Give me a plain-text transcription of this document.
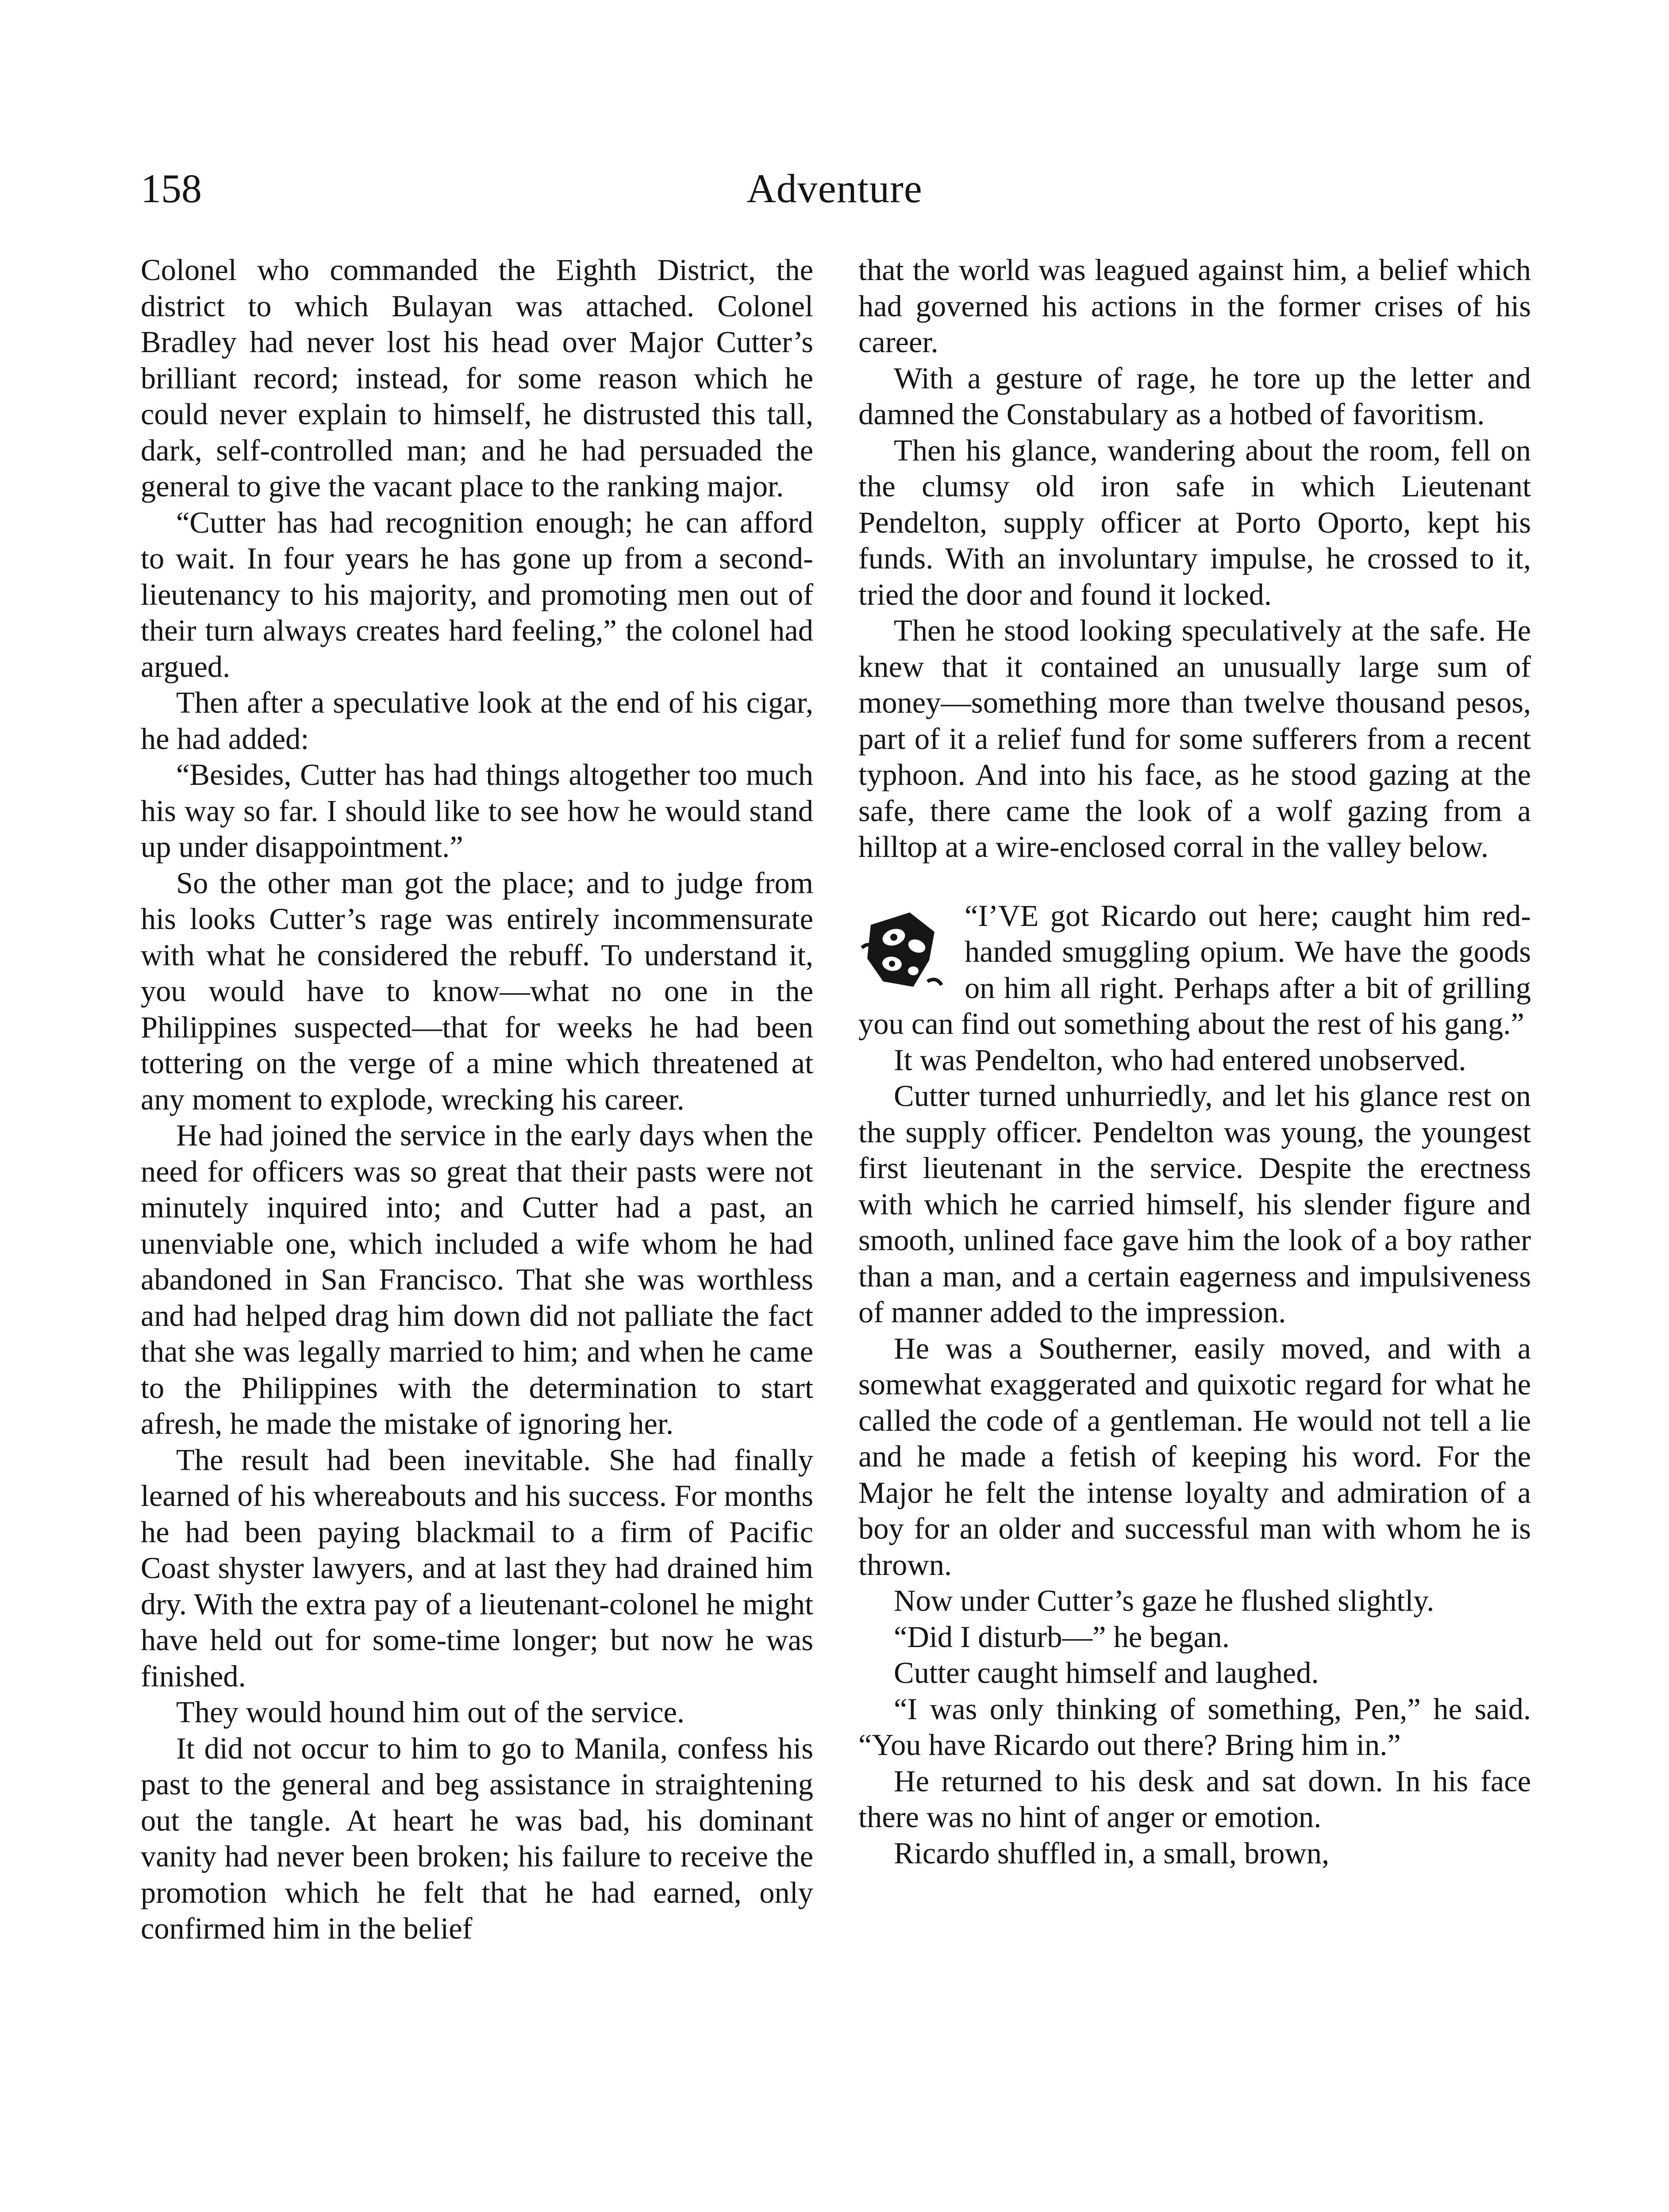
158	Adventure

Colonel who commanded the Eighth District, the district to which Bulayan was attached. Colonel Bradley had never lost his head over Major Cutter’s brilliant record; instead, for some reason which he could never explain to himself, he distrusted this tall, dark, self-controlled man; and he had persuaded the general to give the vacant place to the ranking major.

“Cutter has had recognition enough; he can afford to wait. In four years he has gone up from a second-lieutenancy to his majority, and promoting men out of their turn always creates hard feeling,” the colonel had argued.

Then after a speculative look at the end of his cigar, he had added:

“Besides, Cutter has had things altogether too much his way so far. I should like to see how he would stand up under disappointment.”

So the other man got the place; and to judge from his looks Cutter’s rage was entirely incommensurate with what he considered the rebuff. To understand it, you would have to know—what no one in the Philippines suspected—that for weeks he had been tottering on the verge of a mine which threatened at any moment to explode, wrecking his career.

He had joined the service in the early days when the need for officers was so great that their pasts were not minutely inquired into; and Cutter had a past, an unenviable one, which included a wife whom he had abandoned in San Francisco. That she was worthless and had helped drag him down did not palliate the fact that she was legally married to him; and when he came to the Philippines with the determination to start afresh, he made the mistake of ignoring her.

The result had been inevitable. She had finally learned of his whereabouts and his success. For months he had been paying blackmail to a firm of Pacific Coast shyster lawyers, and at last they had drained him dry. With the extra pay of a lieutenant-colonel he might have held out for some-time longer; but now he was finished.

They would hound him out of the service.

It did not occur to him to go to Manila, confess his past to the general and beg assistance in straightening out the tangle. At heart he was bad, his dominant vanity had never been broken; his failure to receive the promotion which he felt that he had earned, only confirmed him in the belief

that the world was leagued against him, a belief which had governed his actions in the former crises of his career.

With a gesture of rage, he tore up the letter and damned the Constabulary as a hotbed of favoritism.

Then his glance, wandering about the room, fell on the clumsy old iron safe in which Lieutenant Pendelton, supply officer at Porto Oporto, kept his funds. With an involuntary impulse, he crossed to it, tried the door and found it locked.

Then he stood looking speculatively at the safe. He knew that it contained an unusually large sum of money—something more than twelve thousand pesos, part of it a relief fund for some sufferers from a recent typhoon. And into his face, as he stood gazing at the safe, there came the look of a wolf gazing from a hilltop at a wire-enclosed corral in the valley below.

“I’VE got Ricardo out here; caught him red-handed smuggling opium. We have the goods on him all right. Perhaps after a bit of grilling you can find out something about the rest of his gang.”

It was Pendelton, who had entered unobserved.

Cutter turned unhurriedly, and let his glance rest on the supply officer. Pendelton was young, the youngest first lieutenant in the service. Despite the erectness with which he carried himself, his slender figure and smooth, unlined face gave him the look of a boy rather than a man, and a certain eagerness and impulsiveness of manner added to the impression.

He was a Southerner, easily moved, and with a somewhat exaggerated and quixotic regard for what he called the code of a gentleman. He would not tell a lie and he made a fetish of keeping his word. For the Major he felt the intense loyalty and admiration of a boy for an older and successful man with whom he is thrown.

Now under Cutter’s gaze he flushed slightly.

“Did I disturb—” he began.

Cutter caught himself and laughed.

“I was only thinking of something, Pen,” he said. “You have Ricardo out there? Bring him in.”

He returned to his desk and sat down. In his face there was no hint of anger or emotion.

Ricardo shuffled in, a small, brown,
